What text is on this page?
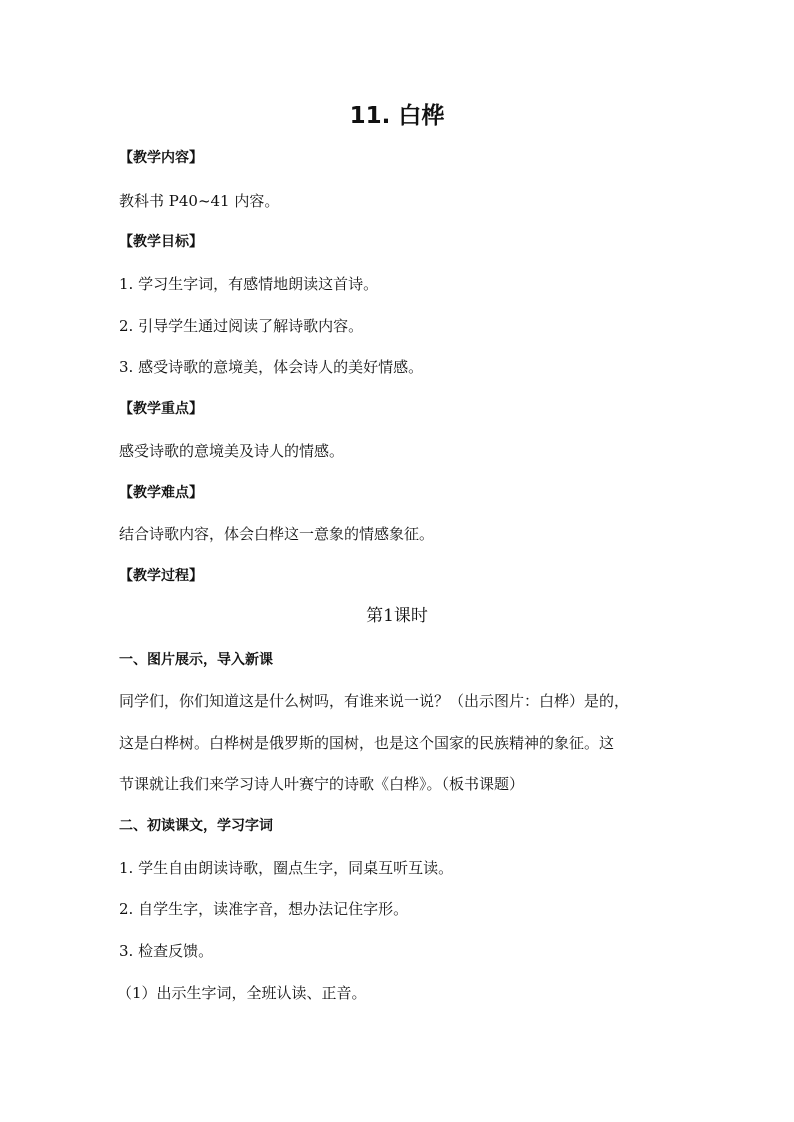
11. 白桦
【教学内容】
教科书 P40~41 内容。
【教学目标】
1. 学习生字词，有感情地朗读这首诗。
2. 引导学生通过阅读了解诗歌内容。
3. 感受诗歌的意境美，体会诗人的美好情感。
【教学重点】
感受诗歌的意境美及诗人的情感。
【教学难点】
结合诗歌内容，体会白桦这一意象的情感象征。
【教学过程】
第1课时
一、图片展示，导入新课
同学们，你们知道这是什么树吗，有谁来说一说？（出示图片：白桦）是的，
这是白桦树。白桦树是俄罗斯的国树，也是这个国家的民族精神的象征。这
节课就让我们来学习诗人叶赛宁的诗歌《白桦》。（板书课题）
二、初读课文，学习字词
1. 学生自由朗读诗歌，圈点生字，同桌互听互读。
2. 自学生字，读准字音，想办法记住字形。
3. 检查反馈。
（1）出示生字词，全班认读、正音。
